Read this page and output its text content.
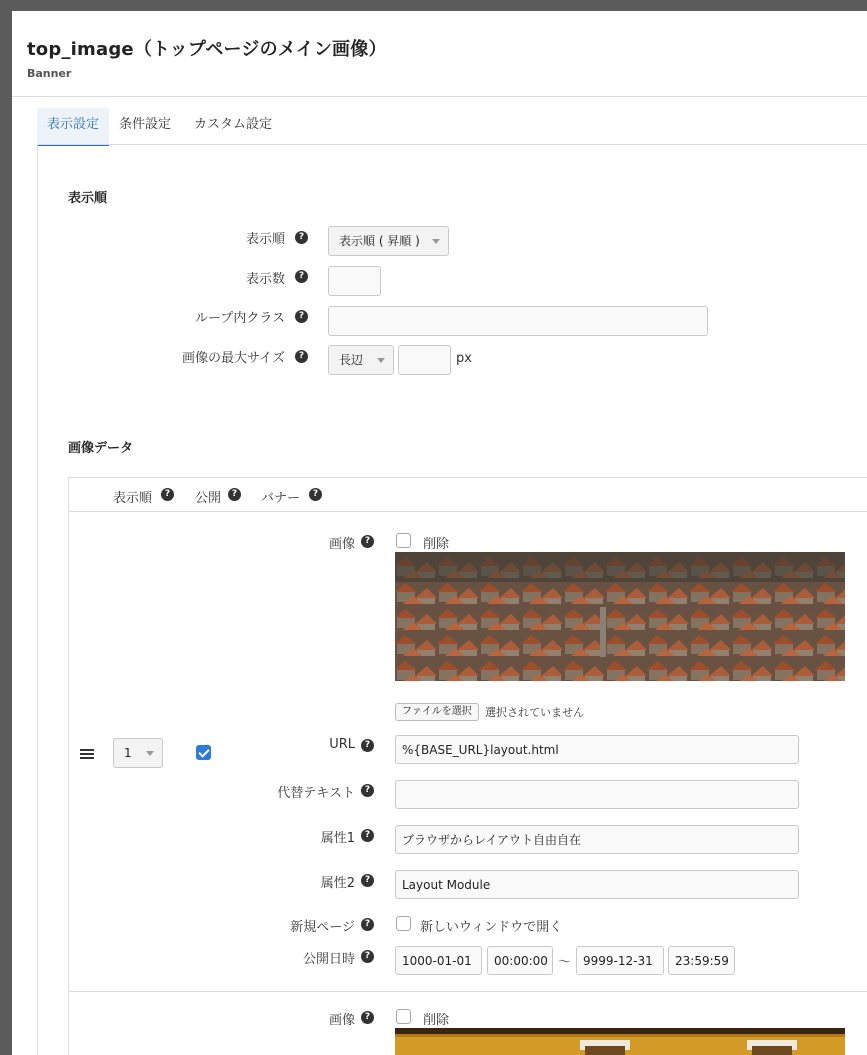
top_image（トップページのメイン画像）
Banner
表示設定	条件設定 カスタム設定
表示順
表示順	?	表示順 ( 昇順 )
表示数	?
ループ内クラス	?
画像の最大サイズ	?	長辺	px
画像データ
表示順	? 公開	? バナー	?
1
画像	?	削除
ファイルを選択	選択されていません
URL	?	%{BASE_URL}layout.html
代替テキスト	?
属性1	?	ブラウザからレイアウト自由自在
属性2	?	Layout Module
新規ページ	?	新しいウィンドウで開く
公開日時	?	1000-01-01	00:00:00 〜 9999-12-31	23:59:59
画像	?	削除
